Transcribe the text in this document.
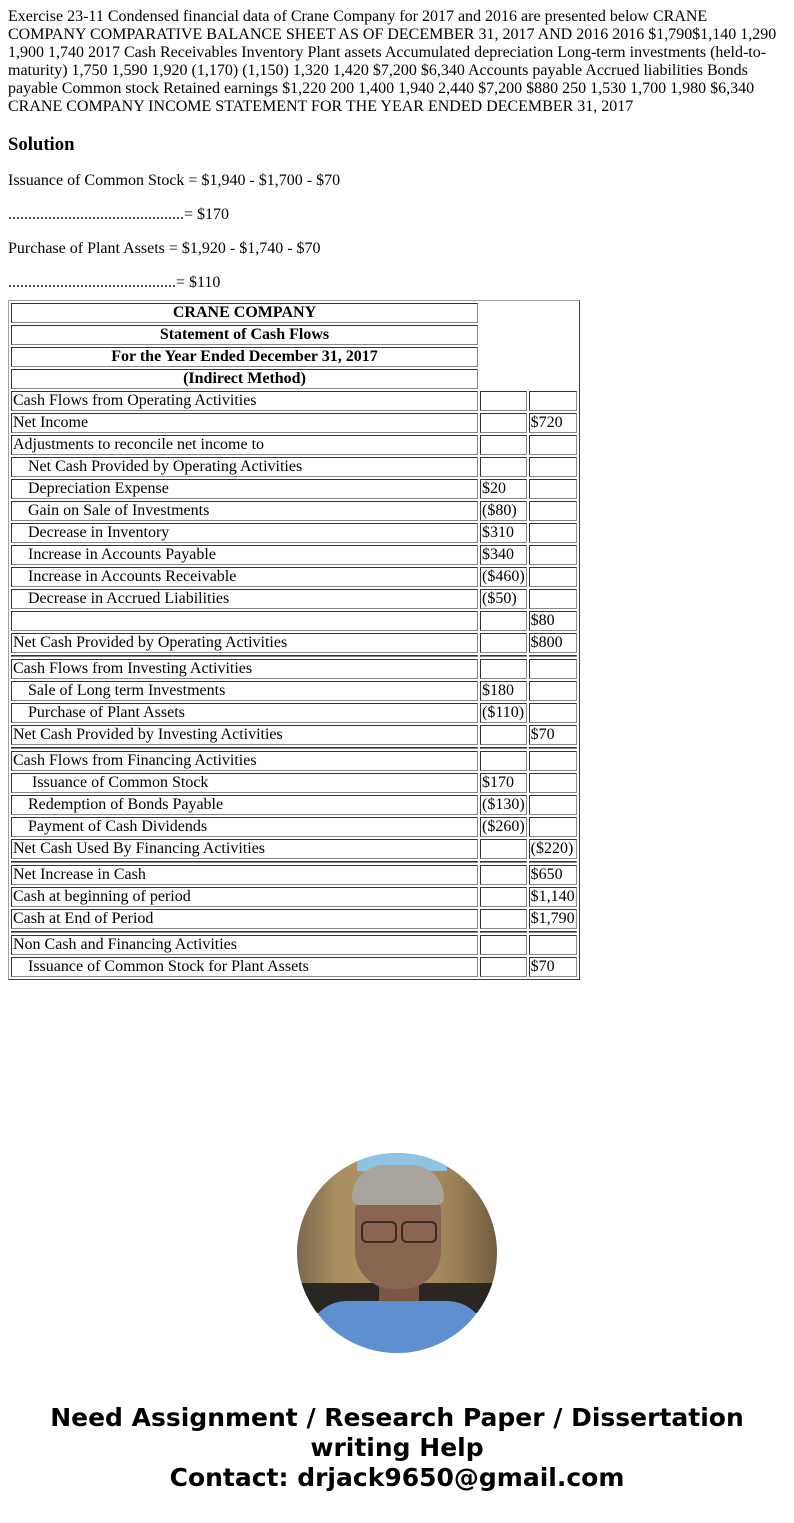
Exercise 23-11 Condensed financial data of Crane Company for 2017 and 2016 are presented below CRANE COMPANY COMPARATIVE BALANCE SHEET AS OF DECEMBER 31, 2017 AND 2016 2016 $1,790$1,140 1,290 1,900 1,740 2017 Cash Receivables Inventory Plant assets Accumulated depreciation Long-term investments (held-to-maturity) 1,750 1,590 1,920 (1,170) (1,150) 1,320 1,420 $7,200 $6,340 Accounts payable Accrued liabilities Bonds payable Common stock Retained earnings $1,220 200 1,400 1,940 2,440 $7,200 $880 250 1,530 1,700 1,980 $6,340 CRANE COMPANY INCOME STATEMENT FOR THE YEAR ENDED DECEMBER 31, 2017

Solution

Issuance of Common Stock = $1,940 - $1,700 - $70

............................................= $170

Purchase of Plant Assets = $1,920 - $1,740 - $70

..........................................= $110

CRANE COMPANY		
Statement of Cash Flows		
For the Year Ended December 31, 2017		
(Indirect Method)		
Cash Flows from Operating Activities		
Net Income		$720
Adjustments to reconcile net income to		
Net Cash Provided by Operating Activities		
Depreciation Expense	$20	
Gain on Sale of Investments	($80)	
Decrease in Inventory	$310	
Increase in Accounts Payable	$340	
Increase in Accounts Receivable	($460)	
Decrease in Accrued Liabilities	($50)	
		$80
Net Cash Provided by Operating Activities		$800

Cash Flows from Investing Activities		
Sale of Long term Investments	$180	
Purchase of Plant Assets	($110)	
Net Cash Provided by Investing Activities		$70

Cash Flows from Financing Activities		
Issuance of Common Stock	$170	
Redemption of Bonds Payable	($130)	
Payment of Cash Dividends	($260)	
Net Cash Used By Financing Activities		($220)

Net Increase in Cash		$650
Cash at beginning of period		$1,140
Cash at End of Period		$1,790

Non Cash and Financing Activities		
Issuance of Common Stock for Plant Assets		$70
Need Assignment / Research Paper / Dissertation
writing Help
Contact: drjack9650@gmail.com
